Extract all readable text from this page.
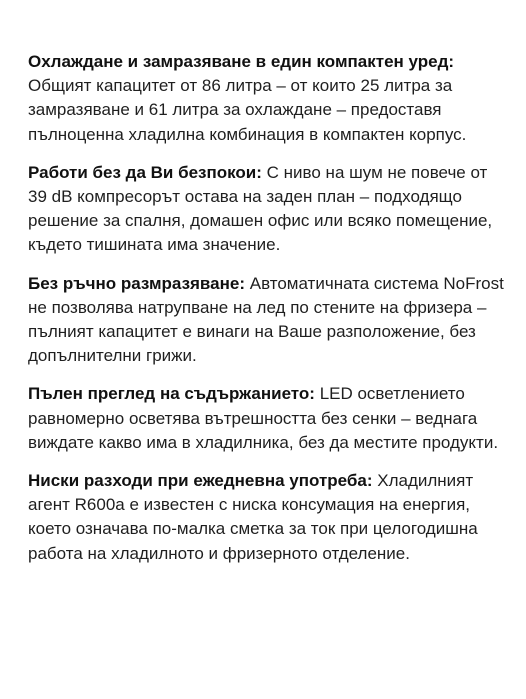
Охлаждане и замразяване в един компактен уред:
Общият капацитет от 86 литра – от които 25 литра за замразяване и 61 литра за охлаждане – предоставя пълноценна хладилна комбинация в компактен корпус.

Работи без да Ви безпокои: С ниво на шум не повече от 39 dB компресорът остава на заден план – подходящо решение за спалня, домашен офис или всяко помещение, където тишината има значение.

Без ръчно размразяване: Автоматичната система NoFrost не позволява натрупване на лед по стените на фризера – пълният капацитет е винаги на Ваше разположение, без допълнителни грижи.

Пълен преглед на съдържанието: LED осветлението равномерно осветява вътрешността без сенки – веднага виждате какво има в хладилника, без да местите продукти.

Ниски разходи при ежедневна употреба: Хладилният агент R600a е известен с ниска консумация на енергия, което означава по-малка сметка за ток при целогодишна работа на хладилното и фризерното отделение.
